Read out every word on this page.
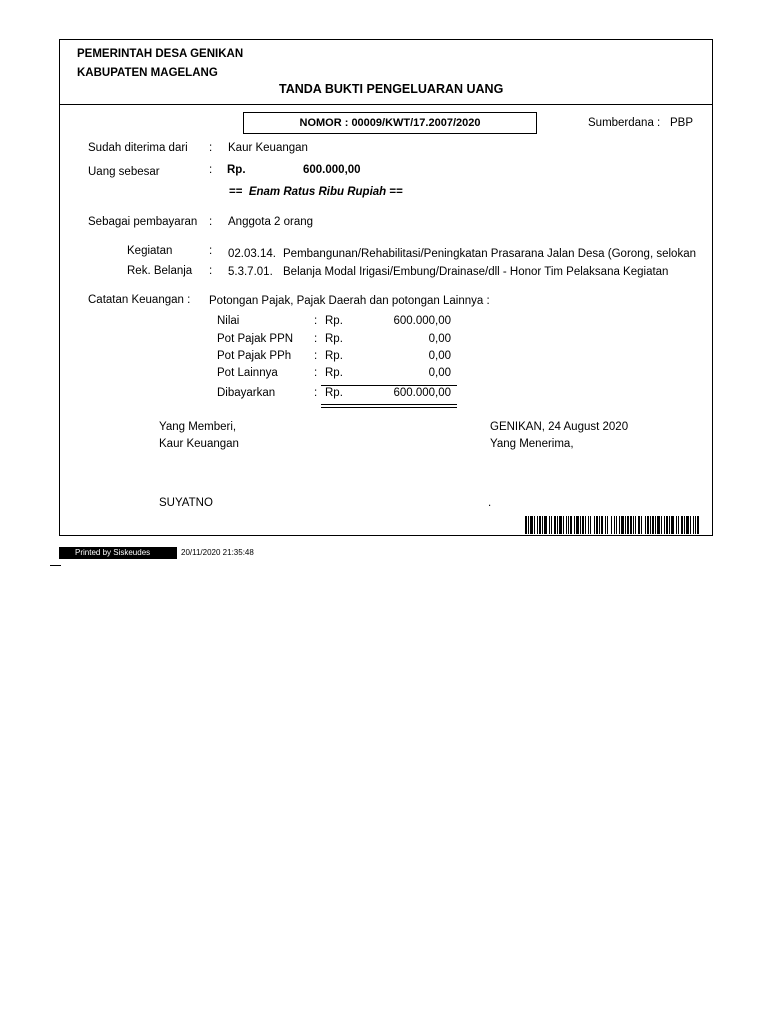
PEMERINTAH DESA GENIKAN
KABUPATEN MAGELANG
TANDA BUKTI PENGELUARAN UANG
NOMOR : 00009/KWT/17.2007/2020	Sumberdana : PBP
Sudah diterima dari : Kaur Keuangan
Uang sebesar	: Rp.	600.000,00
== Enam Ratus Ribu Rupiah ==
Sebagai pembayaran : Anggota 2 orang
Kegiatan	: 02.03.14. Pembangunan/Rehabilitasi/Peningkatan Prasarana Jalan Desa (Gorong, selokan
Rek. Belanja : 5.3.7.01. Belanja Modal Irigasi/Embung/Drainase/dll - Honor Tim Pelaksana Kegiatan
Catatan Keuangan : Potongan Pajak, Pajak Daerah dan potongan Lainnya :
Nilai	: Rp.	600.000,00
Pot Pajak PPN : Rp.	0,00
Pot Pajak PPh : Rp.	0,00
Pot Lainnya	: Rp.	0,00
Dibayarkan	: Rp.	600.000,00
Yang Memberi,
Kaur Keuangan
SUYATNO
GENIKAN, 24 August 2020
Yang Menerima,
.
Printed by Siskeudes	20/11/2020 21:35:48
